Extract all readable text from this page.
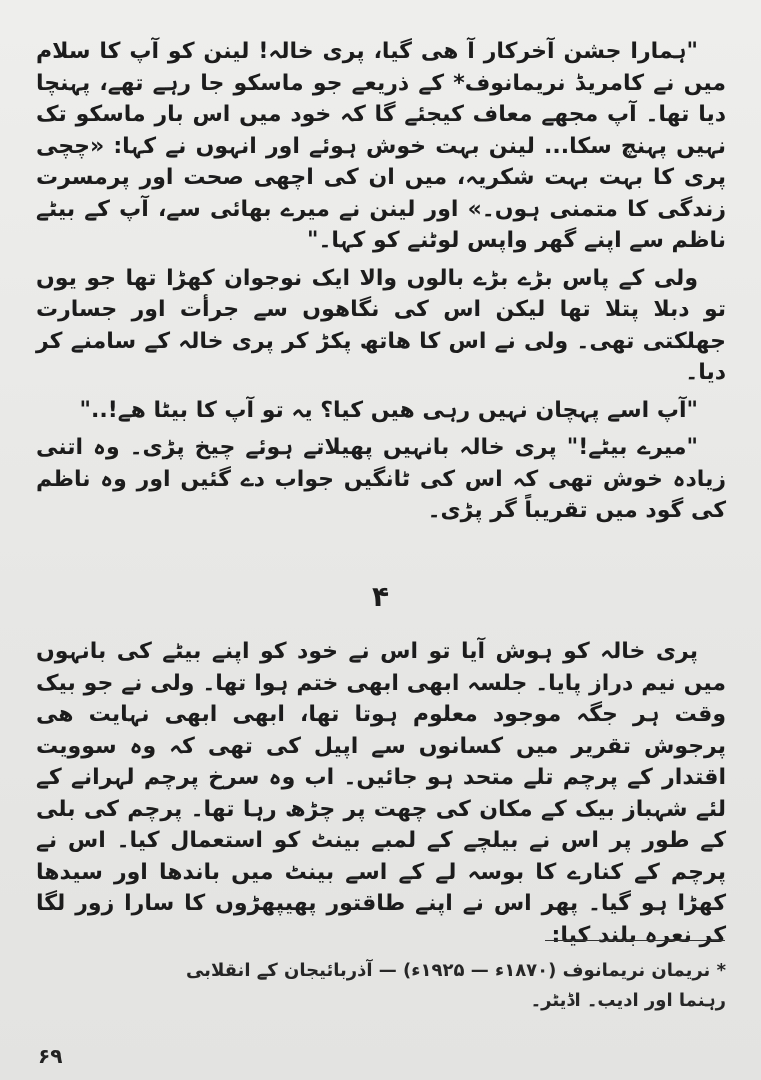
"ہمارا جشن آخرکار آ ھی گیا، پری خالہ! لینن کو آپ کا سلام میں نے کامریڈ نریمانوف* کے ذریعے جو ماسکو جا رہے تھے، پہنچا دیا تھا۔ آپ مجھے معاف کیجئے گا کہ خود میں اس بار ماسکو تک نہیں پہنچ سکا... لینن بہت خوش ہوئے اور انہوں نے کہا: «چچی پری کا بہت بہت شکریہ، میں ان کی اچھی صحت اور پرمسرت زندگی کا متمنی ہوں۔» اور لینن نے میرے بھائی سے، آپ کے بیٹے ناظم سے اپنے گھر واپس لوٹنے کو کہا۔"

ولی کے پاس بڑے بڑے بالوں والا ایک نوجوان کھڑا تھا جو یوں تو دبلا پتلا تھا لیکن اس کی نگاھوں سے جرأت اور جسارت جھلکتی تھی۔ ولی نے اس کا ھاتھ پکڑ کر پری خالہ کے سامنے کر دیا۔

"آپ اسے پہچان نہیں رہی ھیں کیا؟ یہ تو آپ کا بیٹا ھے!.."

"میرے بیٹے!" پری خالہ بانہیں پھیلاتے ہوئے چیخ پڑی۔ وہ اتنی زیادہ خوش تھی کہ اس کی ٹانگیں جواب دے گئیں اور وہ ناظم کی گود میں تقریباً گر پڑی۔

۴

پری خالہ کو ہوش آیا تو اس نے خود کو اپنے بیٹے کی بانہوں میں نیم دراز پایا۔ جلسہ ابھی ابھی ختم ہوا تھا۔ ولی نے جو بیک وقت ہر جگہ موجود معلوم ہوتا تھا، ابھی ابھی نہایت ھی پرجوش تقریر میں کسانوں سے اپیل کی تھی کہ وہ سوویت اقتدار کے پرچم تلے متحد ہو جائیں۔ اب وہ سرخ پرچم لہرانے کے لئے شہباز بیک کے مکان کی چھت پر چڑھ رہا تھا۔ پرچم کی بلی کے طور پر اس نے بیلچے کے لمبے بینٹ کو استعمال کیا۔ اس نے پرچم کے کنارے کا بوسہ لے کے اسے بینٹ میں باندھا اور سیدھا کھڑا ہو گیا۔ پھر اس نے اپنے طاقتور پھیپھڑوں کا سارا زور لگا کر نعرہ بلند کیا:

* نریمان نریمانوف (۱۸۷۰ء — ۱۹۲۵ء) — آذربائیجان کے انقلابی

رہنما اور ادیب۔ اڈیٹر۔

۶۹
